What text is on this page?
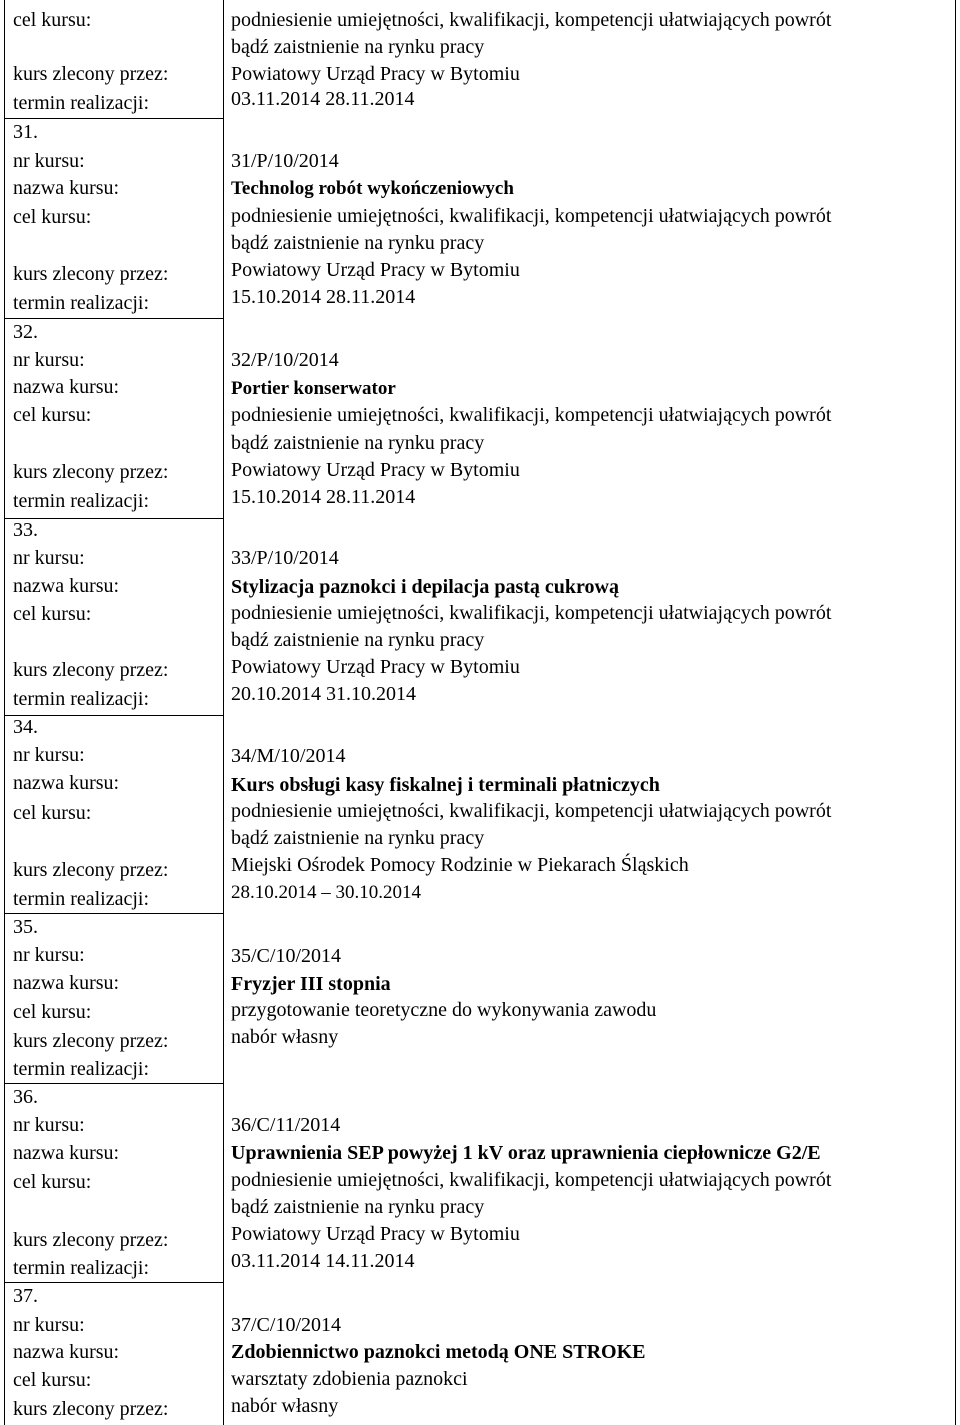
cel kursu:	podniesienie umiejętności, kwalifikacji, kompetencji ułatwiających powrót
bądź zaistnienie na rynku pracy
kurs zlecony przez:	Powiatowy Urząd Pracy w Bytomiu
termin realizacji:	03.11.2014 28.11.2014
31.
nr kursu:	31/P/10/2014
nazwa kursu:	Technolog robót wykończeniowych
cel kursu:	podniesienie umiejętności, kwalifikacji, kompetencji ułatwiających powrót
bądź zaistnienie na rynku pracy
kurs zlecony przez:	Powiatowy Urząd Pracy w Bytomiu
termin realizacji:	15.10.2014 28.11.2014
32.
nr kursu:	32/P/10/2014
nazwa kursu:	Portier konserwator
cel kursu:	podniesienie umiejętności, kwalifikacji, kompetencji ułatwiających powrót
bądź zaistnienie na rynku pracy
kurs zlecony przez:	Powiatowy Urząd Pracy w Bytomiu
termin realizacji:	15.10.2014 28.11.2014
33.
nr kursu:	33/P/10/2014
nazwa kursu:	Stylizacja paznokci i depilacja pastą cukrową
cel kursu:	podniesienie umiejętności, kwalifikacji, kompetencji ułatwiających powrót
bądź zaistnienie na rynku pracy
kurs zlecony przez:	Powiatowy Urząd Pracy w Bytomiu
termin realizacji:	20.10.2014 31.10.2014
34.
nr kursu:	34/M/10/2014
nazwa kursu:	Kurs obsługi kasy fiskalnej i terminali płatniczych
cel kursu:	podniesienie umiejętności, kwalifikacji, kompetencji ułatwiających powrót
bądź zaistnienie na rynku pracy
kurs zlecony przez:	Miejski Ośrodek Pomocy Rodzinie w Piekarach Śląskich
termin realizacji:	28.10.2014 – 30.10.2014
35.
nr kursu:	35/C/10/2014
nazwa kursu:	Fryzjer III stopnia
cel kursu:	przygotowanie teoretyczne do wykonywania zawodu
kurs zlecony przez:	nabór własny
termin realizacji:
36.
nr kursu:	36/C/11/2014
nazwa kursu:	Uprawnienia SEP powyżej 1 kV oraz uprawnienia ciepłownicze G2/E
cel kursu:	podniesienie umiejętności, kwalifikacji, kompetencji ułatwiających powrót
bądź zaistnienie na rynku pracy
kurs zlecony przez:	Powiatowy Urząd Pracy w Bytomiu
termin realizacji:	03.11.2014 14.11.2014
37.
nr kursu:	37/C/10/2014
nazwa kursu:	Zdobiennictwo paznokci metodą ONE STROKE
cel kursu:	warsztaty zdobienia paznokci
kurs zlecony przez:	nabór własny
